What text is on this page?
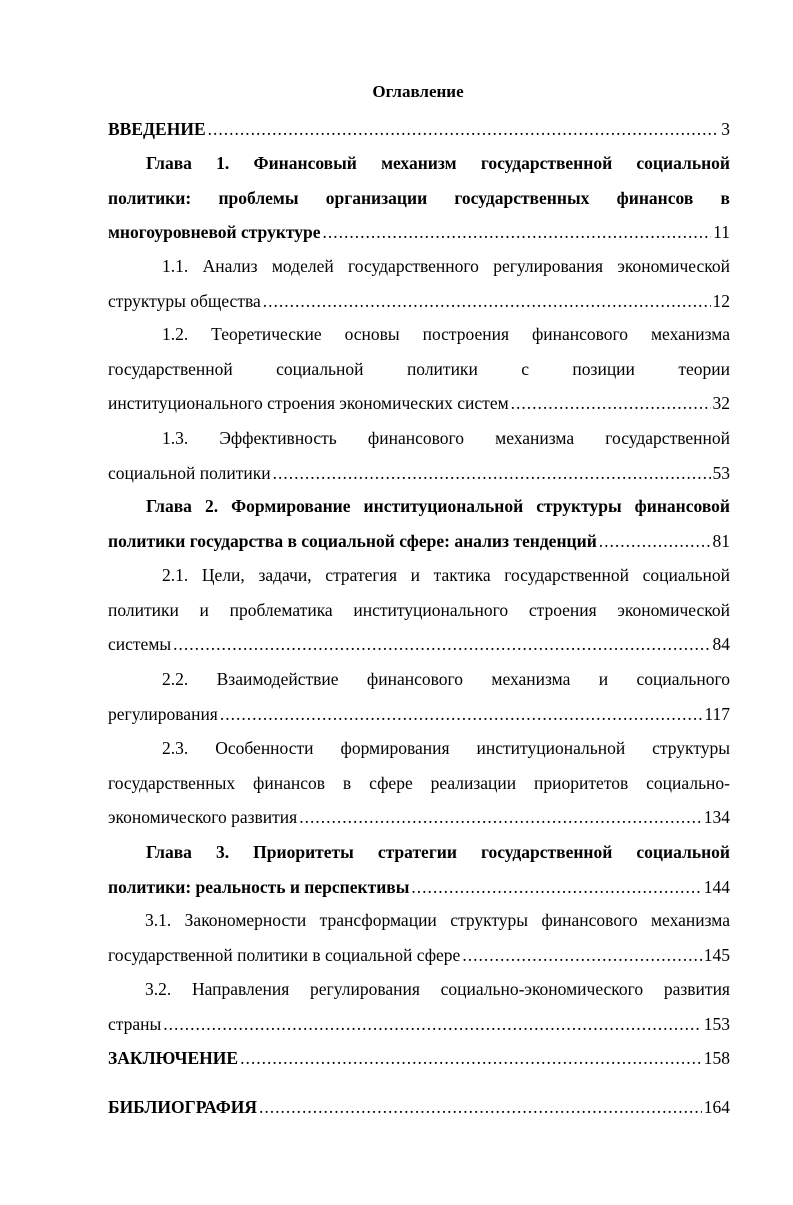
Оглавление
ВВЕДЕНИЕ .....	3
Глава 1. Финансовый механизм государственной социальной
политики: проблемы организации государственных финансов в
многоуровневой структуре .....	11
1.1. Анализ моделей государственного регулирования экономической
структуры общества .....	12
1.2. Теоретические основы построения финансового механизма
государственной социальной политики с позиции теории
институционального строения экономических систем .....	32
1.3. Эффективность финансового механизма государственной
социальной политики .....	53
Глава 2. Формирование институциональной структуры финансовой
политики государства в социальной сфере: анализ тенденций .....	81
2.1. Цели, задачи, стратегия и тактика государственной социальной
политики и проблематика институционального строения экономической
системы .....	84
2.2. Взаимодействие финансового механизма и социального
регулирования .....	117
2.3. Особенности формирования институциональной структуры
государственных финансов в сфере реализации приоритетов социально-
экономического развития .....	134
Глава 3. Приоритеты стратегии государственной социальной
политики: реальность и перспективы .....	144
3.1. Закономерности трансформации структуры финансового механизма
государственной политики в социальной сфере .....	145
3.2. Направления регулирования социально-экономического развития
страны .....	153
ЗАКЛЮЧЕНИЕ .....	158
БИБЛИОГРАФИЯ .....	164
